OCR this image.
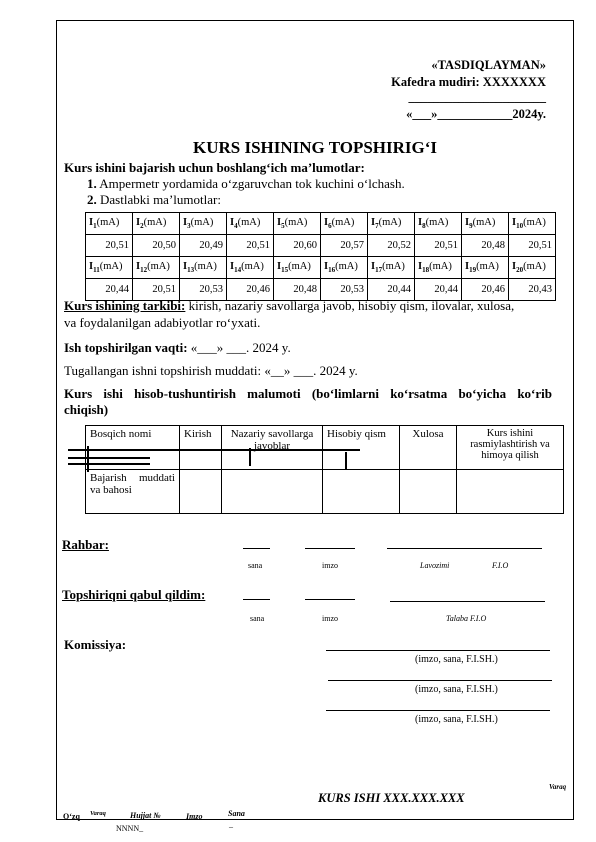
«TASDIQLAYMAN»
Kafedra mudiri: XXXXXXX
______________________
«___»____________2024y.
KURS ISHINING TOPSHIRIG‘I
Kurs ishini bajarish uchun boshlang‘ich ma’lumotlar:
1. Ampermetr yordamida o‘zgaruvchan tok kuchini o‘lchash.
2. Dastlabki ma’lumotlar:
$I_1(mA)$	$I_2(mA)$	$I_3(mA)$	$I_4(mA)$	$I_5(mA)$	$I_6(mA)$	$I_7(mA)$	$I_8(mA)$	$I_9(mA)$	$I_{10}(mA)$
20,51	20,50	20,49	20,51	20,60	20,57	20,52	20,51	20,48	20,51
$I_{11}(mA)$	$I_{12}(mA)$	$I_{13}(mA)$	$I_{14}(mA)$	$I_{15}(mA)$	$I_{16}(mA)$	$I_{17}(mA)$	$I_{18}(mA)$	$I_{19}(mA)$	$I_{20}(mA)$
20,44	20,51	20,53	20,46	20,48	20,53	20,44	20,44	20,46	20,43
Kurs ishining tarkibi: kirish, nazariy savollarga javob, hisobiy qism, ilovalar, xulosa,
va foydalanilgan adabiyotlar ro‘yxati.
Ish topshirilgan vaqti: «___» ___. 2024 y.
Tugallangan ishni topshirish muddati: «__» ___. 2024 y.
Kurs ishi hisob-tushuntirish malumoti (bo‘limlarni ko‘rsatma bo‘yicha ko‘rib
chiqish)
Bosqich nomi	Kirish	Nazariy savollarga javoblar	Hisobiy qism	Xulosa	Kurs ishini rasmiylashtirish va himoya qilish
Bajarish muddati va bahosi					
Rahbar:
sana	imzo	Lavozimi	F.I.O
Topshiriqni qabul qildim:
sana	imzo	Talaba F.I.O
Komissiya:
(imzo, sana, F.I.SH.)
(imzo, sana, F.I.SH.)
(imzo, sana, F.I.SH.)
Varaq
KURS ISHI XXX.XXX.XXX
O‘zq Varaq	Hujjat №
NNNN_
Imzo	Sana
_
